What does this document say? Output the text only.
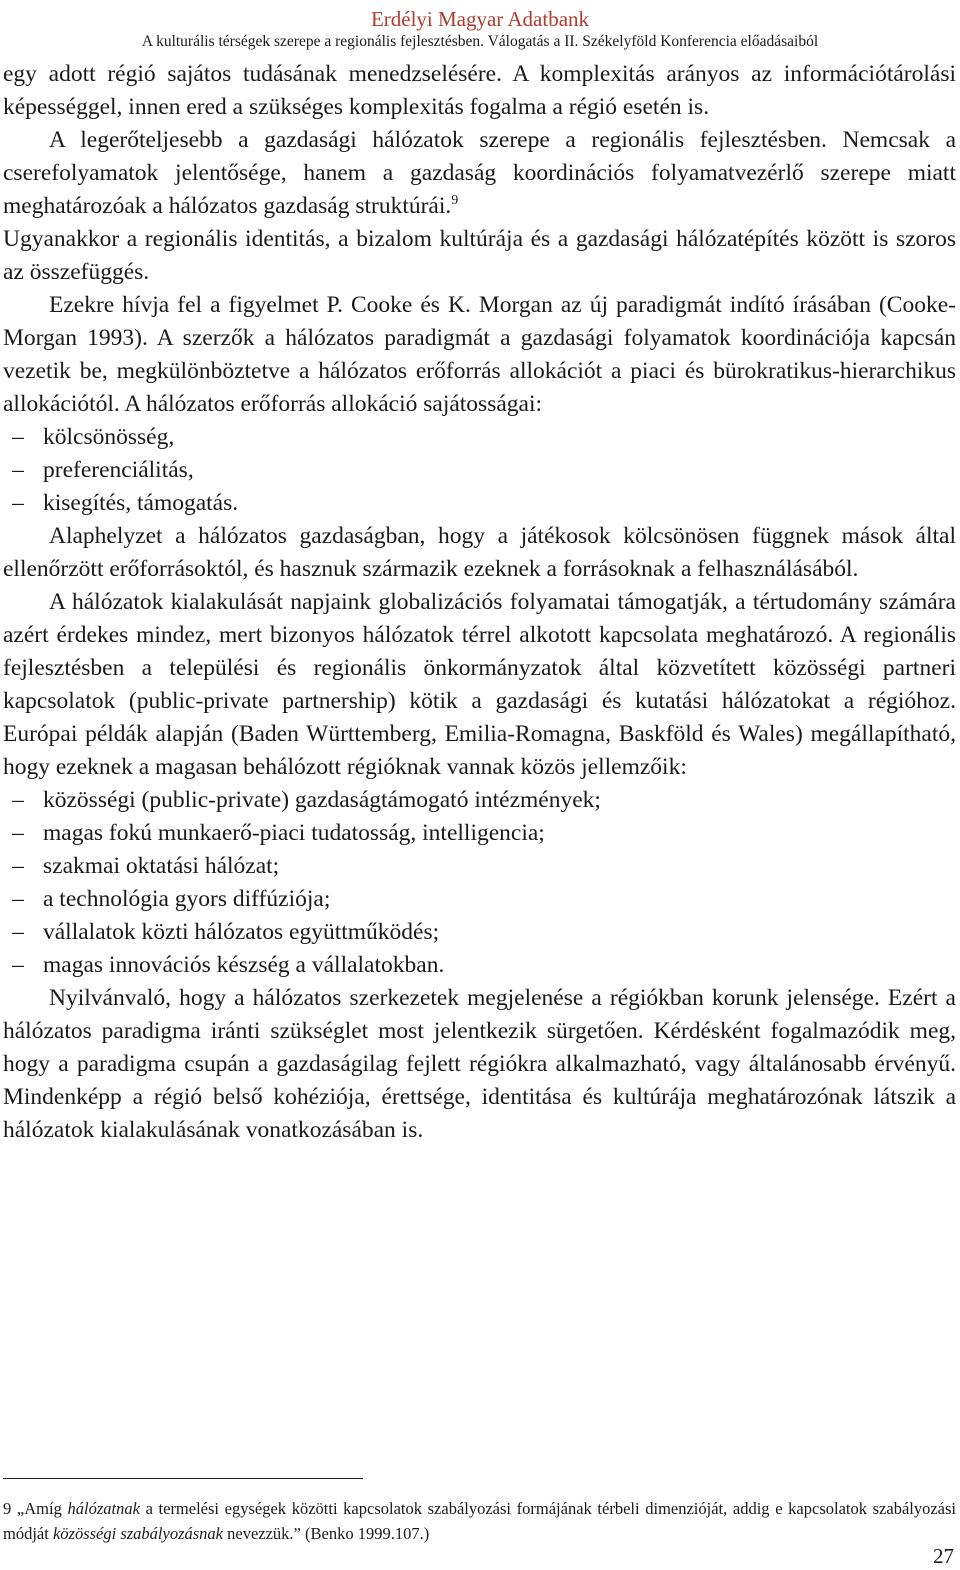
Erdélyi Magyar Adatbank
A kulturális térségek szerepe a regionális fejlesztésben. Válogatás a II. Székelyföld Konferencia előadásaiból

egy adott régió sajátos tudásának menedzselésére. A komplexitás arányos az információtárolási képességgel, innen ered a szükséges komplexitás fogalma a régió esetén is.

A legerőteljesebb a gazdasági hálózatok szerepe a regionális fejlesztésben. Nemcsak a cserefolyamatok jelentősége, hanem a gazdaság koordinációs folyamatvezérlő szerepe miatt meghatározóak a hálózatos gazdaság struktúrái.$^9$

Ugyanakkor a regionális identitás, a bizalom kultúrája és a gazdasági hálózatépítés között is szoros az összefüggés.

Ezekre hívja fel a figyelmet P. Cooke és K. Morgan az új paradigmát indító írásában (Cooke-Morgan 1993). A szerzők a hálózatos paradigmát a gazdasági folyamatok koordinációja kapcsán vezetik be, megkülönböztetve a hálózatos erőforrás allokációt a piaci és bürokratikus-hierarchikus allokációtól. A hálózatos erőforrás allokáció sajátosságai:

– kölcsönösség,
– preferenciálitás,
– kisegítés, támogatás.

Alaphelyzet a hálózatos gazdaságban, hogy a játékosok kölcsönösen függnek mások által ellenőrzött erőforrásoktól, és hasznuk származik ezeknek a forrásoknak a felhasználásából.

A hálózatok kialakulását napjaink globalizációs folyamatai támogatják, a tértudomány számára azért érdekes mindez, mert bizonyos hálózatok térrel alkotott kapcsolata meghatározó. A regionális fejlesztésben a települési és regionális önkormányzatok által közvetített közösségi partneri kapcsolatok (public-private partnership) kötik a gazdasági és kutatási hálózatokat a régióhoz. Európai példák alapján (Baden Württemberg, Emilia-Romagna, Baskföld és Wales) megállapítható, hogy ezeknek a magasan behálózott régióknak vannak közös jellemzőik:

– közösségi (public-private) gazdaságtámogató intézmények;
– magas fokú munkaerő-piaci tudatosság, intelligencia;
– szakmai oktatási hálózat;
– a technológia gyors diffúziója;
– vállalatok közti hálózatos együttműködés;
– magas innovációs készség a vállalatokban.

Nyilvánvaló, hogy a hálózatos szerkezetek megjelenése a régiókban korunk jelensége. Ezért a hálózatos paradigma iránti szükséglet most jelentkezik sürgetően. Kérdésként fogalmazódik meg, hogy a paradigma csupán a gazdaságilag fejlett régiókra alkalmazható, vagy általánosabb érvényű. Mindenképp a régió belső kohéziója, érettsége, identitása és kultúrája meghatározónak látszik a hálózatok kialakulásának vonatkozásában is.

9 „Amíg hálózatnak a termelési egységek közötti kapcsolatok szabályozási formájának térbeli dimenzióját, addig e kapcsolatok szabályozási módját közösségi szabályozásnak nevezzük.” (Benko 1999.107.)
27
